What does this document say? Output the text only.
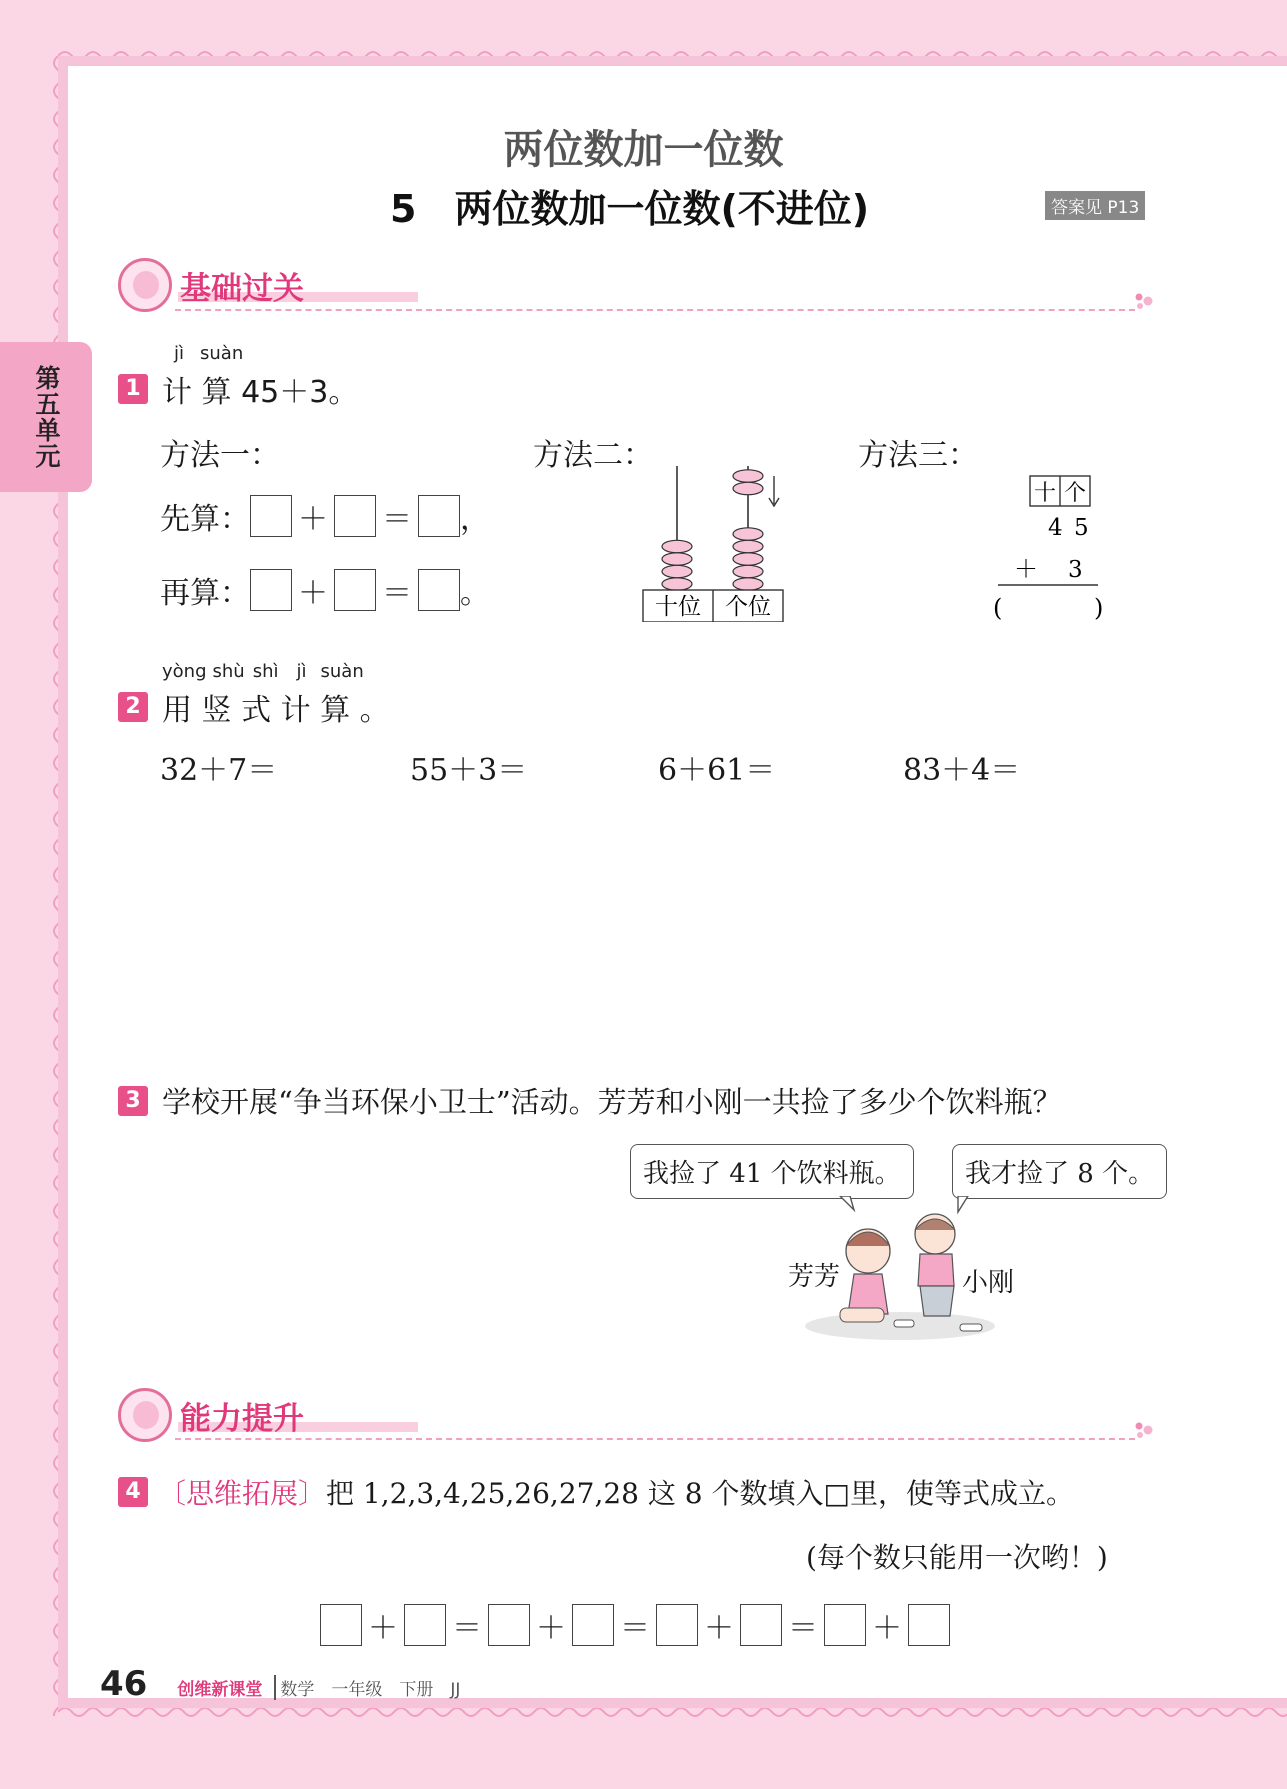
第五单元
两位数加一位数
5　两位数加一位数(不进位)	答案见 P13
基础过关
jì suàn
1 计 算 45＋3。
方法一：
先算： ＋ ＝ ，
再算： ＋ ＝ 。
方法二：
十位 个位
方法三：
十 个
4 5
＋ 3
(	)
yòng shù shì jì suàn
2 用 竖 式 计 算 。
32＋7＝	55＋3＝	6＋61＝	83＋4＝
3 学校开展“争当环保小卫士”活动。芳芳和小刚一共捡了多少个饮料瓶？
我捡了 41 个饮料瓶。	我才捡了 8 个。
芳芳	小刚
能力提升
4 〔思维拓展〕 把 1,2,3,4,25,26,27,28 这 8 个数填入□里，使等式成立。
(每个数只能用一次哟！)
＋ ＝ ＋ ＝ ＋ ＝ ＋
46 创维新课堂	数学　一年级　下册　JJ
